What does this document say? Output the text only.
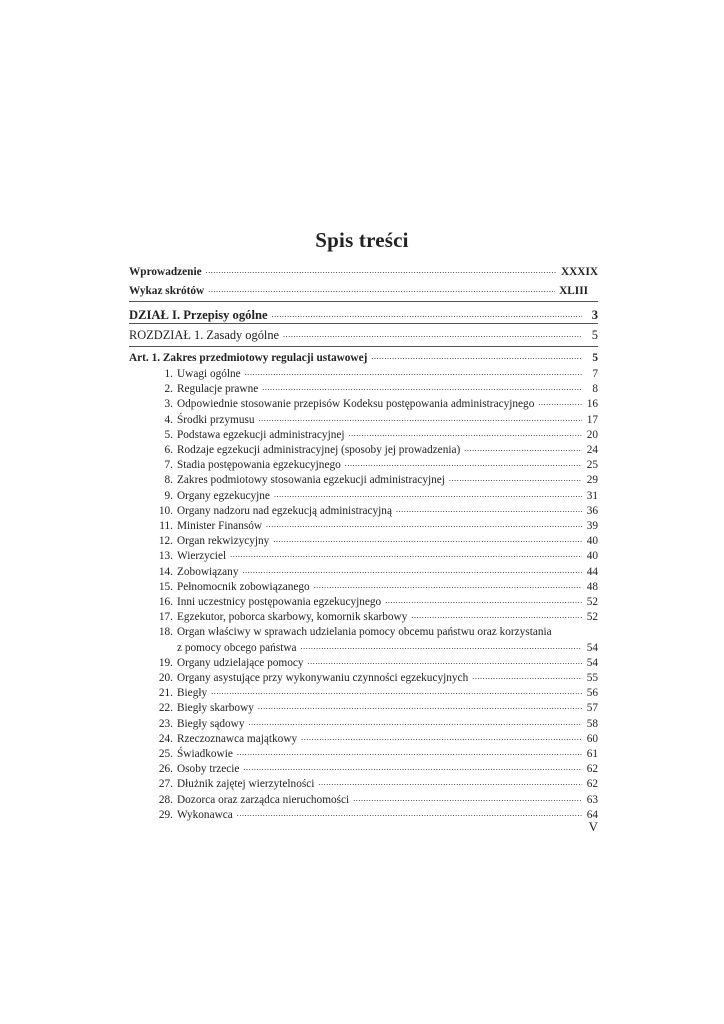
Spis treści
Wprowadzenie .....	XXXIX
Wykaz skrótów .....	XLIII
DZIAŁ I. Przepisy ogólne .....	3
ROZDZIAŁ 1. Zasady ogólne .....	5
Art. 1. Zakres przedmiotowy regulacji ustawowej .....	5
1. Uwagi ogólne .....	7
2. Regulacje prawne .....	8
3. Odpowiednie stosowanie przepisów Kodeksu postępowania administracyjnego .....	16
4. Środki przymusu .....	17
5. Podstawa egzekucji administracyjnej .....	20
6. Rodzaje egzekucji administracyjnej (sposoby jej prowadzenia) .....	24
7. Stadia postępowania egzekucyjnego .....	25
8. Zakres podmiotowy stosowania egzekucji administracyjnej .....	29
9. Organy egzekucyjne .....	31
10. Organy nadzoru nad egzekucją administracyjną .....	36
11. Minister Finansów .....	39
12. Organ rekwizycyjny .....	40
13. Wierzyciel .....	40
14. Zobowiązany .....	44
15. Pełnomocnik zobowiązanego .....	48
16. Inni uczestnicy postępowania egzekucyjnego .....	52
17. Egzekutor, poborca skarbowy, komornik skarbowy .....	52
18. Organ właściwy w sprawach udzielania pomocy obcemu państwu oraz korzystania
z pomocy obcego państwa .....	54
19. Organy udzielające pomocy .....	54
20. Organy asystujące przy wykonywaniu czynności egzekucyjnych .....	55
21. Biegły .....	56
22. Biegły skarbowy .....	57
23. Biegły sądowy .....	58
24. Rzeczoznawca majątkowy .....	60
25. Świadkowie .....	61
26. Osoby trzecie .....	62
27. Dłużnik zajętej wierzytelności .....	62
28. Dozorca oraz zarządca nieruchomości .....	63
29. Wykonawca .....	64
V
